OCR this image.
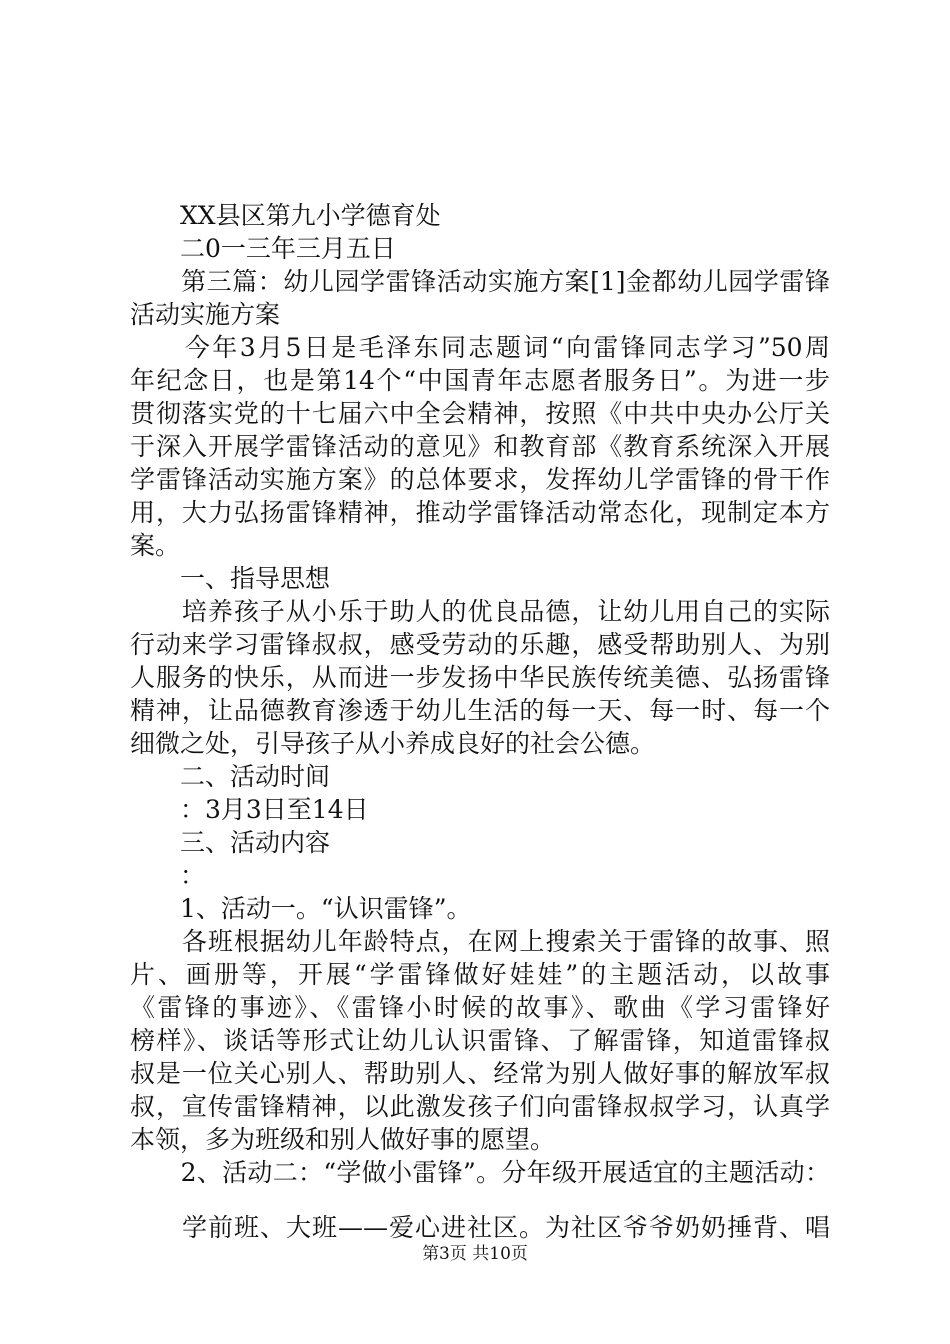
　　XX县区第九小学德育处
　　二0一三年三月五日
　　第三篇：幼儿园学雷锋活动实施方案[1]金都幼儿园学雷锋
活动实施方案
　　今年3月5日是毛泽东同志题词“向雷锋同志学习”50周
年纪念日，也是第14个“中国青年志愿者服务日”。为进一步
贯彻落实党的十七届六中全会精神，按照《中共中央办公厅关
于深入开展学雷锋活动的意见》和教育部《教育系统深入开展
学雷锋活动实施方案》的总体要求，发挥幼儿学雷锋的骨干作
用，大力弘扬雷锋精神，推动学雷锋活动常态化，现制定本方
案。
　　一、指导思想
　　培养孩子从小乐于助人的优良品德，让幼儿用自己的实际
行动来学习雷锋叔叔，感受劳动的乐趣，感受帮助别人、为别
人服务的快乐，从而进一步发扬中华民族传统美德、弘扬雷锋
精神，让品德教育渗透于幼儿生活的每一天、每一时、每一个
细微之处，引导孩子从小养成良好的社会公德。
　　二、活动时间
　　：3月3日至14日
　　三、活动内容
　　：
　　1、活动一。“认识雷锋”。
　　各班根据幼儿年龄特点，在网上搜索关于雷锋的故事、照
片、画册等，开展“学雷锋做好娃娃”的主题活动，以故事
《雷锋的事迹》、《雷锋小时候的故事》、歌曲《学习雷锋好
榜样》、谈话等形式让幼儿认识雷锋、了解雷锋，知道雷锋叔
叔是一位关心别人、帮助别人、经常为别人做好事的解放军叔
叔，宣传雷锋精神，以此激发孩子们向雷锋叔叔学习，认真学
本领，多为班级和别人做好事的愿望。
　　2、活动二：“学做小雷锋”。分年级开展适宜的主题活动：
　　学前班、大班——爱心进社区。为社区爷爷奶奶捶背、唱
第3页 共10页
